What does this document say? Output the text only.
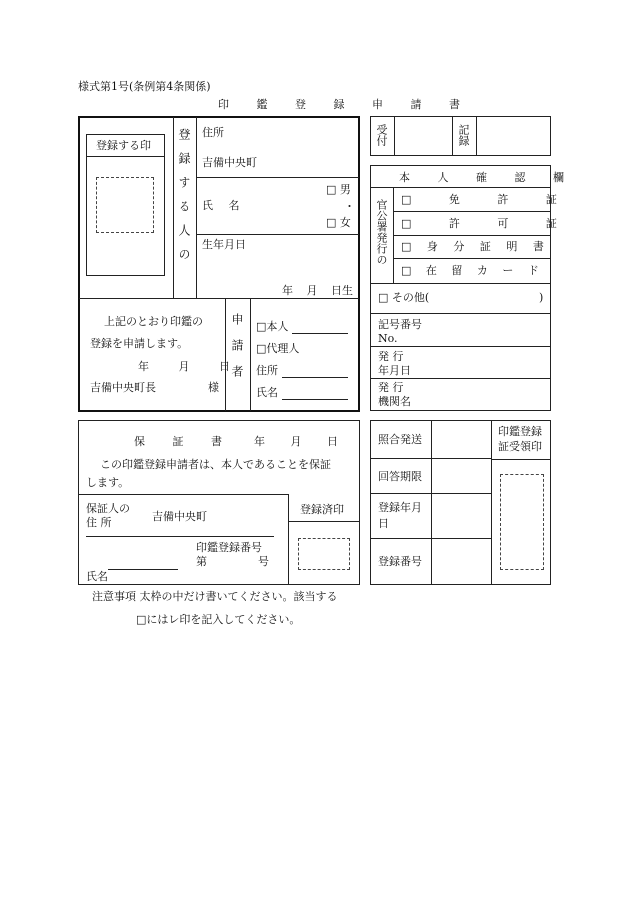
様式第1号(条例第4条関係)
印 鑑 登 録 申 請 書
登録する印 登録する人の 住所
吉備中央町
氏 名
□ 男
・
□ 女
生年月日
年 月 日生
上記のとおり印鑑の
登録を申請します。
年 月 日
吉備中央町長	様 申請者 □本人
□代理人
住所
氏名
受付	記録
本 人 確 認 欄
官公署発行の □ 免 許 証
□ 許 可 証
□ 身 分 証 明 書
□ 在 留 カ ー ド
□ その他(	)
記号番号
No.
発 行
年月日
発 行
機関名
保 証 書 年 月 日
この印鑑登録申請者は、本人であることを保証
します。
保証人の
住 所	吉備中央町
印鑑登録番号
第	号
氏名
登録済印
照合発送
回答期限
登録年月
日
登録番号
印鑑登録
証受領印
注意事項 太枠の中だけ書いてください。該当する
□にはレ印を記入してください。
